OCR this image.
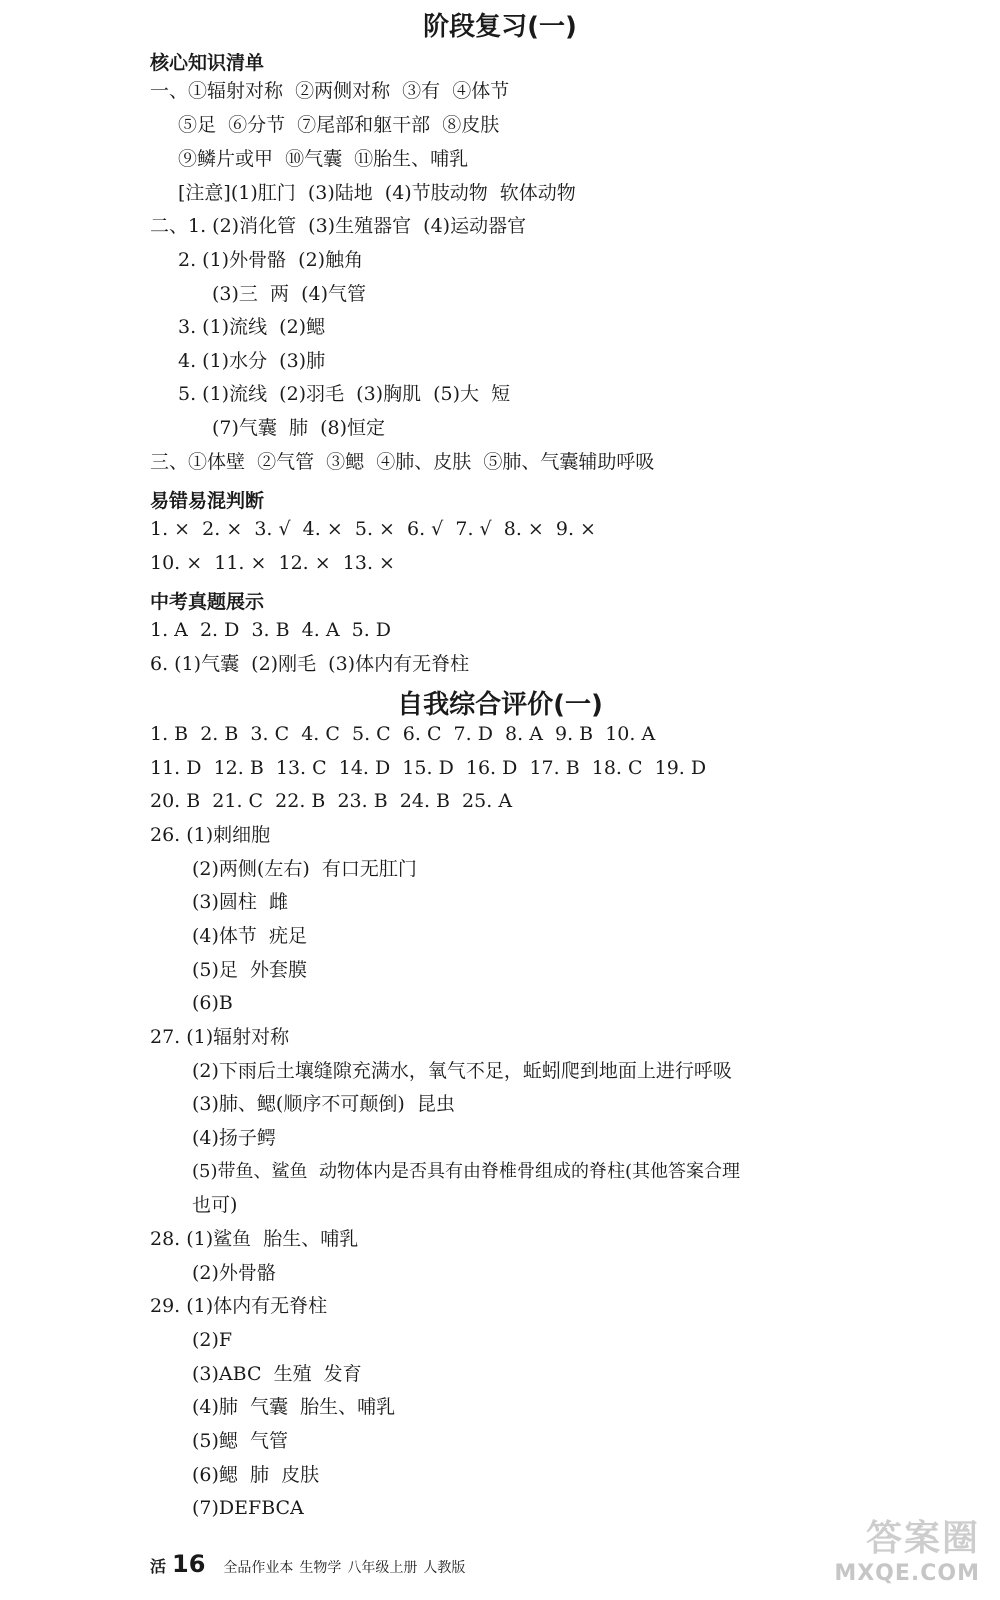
阶段复习(一)
核心知识清单

一、①辐射对称  ②两侧对称  ③有  ④体节

⑤足  ⑥分节  ⑦尾部和躯干部  ⑧皮肤

⑨鳞片或甲  ⑩气囊  ⑪胎生、哺乳

[注意](1)肛门  (3)陆地  (4)节肢动物  软体动物

二、1. (2)消化管  (3)生殖器官  (4)运动器官

2. (1)外骨骼  (2)触角

(3)三  两  (4)气管

3. (1)流线  (2)鳃

4. (1)水分  (3)肺

5. (1)流线  (2)羽毛  (3)胸肌  (5)大  短

(7)气囊  肺  (8)恒定

三、①体壁  ②气管  ③鳃  ④肺、皮肤  ⑤肺、气囊辅助呼吸

易错易混判断

1. ×  2. ×  3. √  4. ×  5. ×  6. √  7. √  8. ×  9. ×

10. ×  11. ×  12. ×  13. ×

中考真题展示

1. A  2. D  3. B  4. A  5. D

6. (1)气囊  (2)刚毛  (3)体内有无脊柱

自我综合评价(一)

1. B  2. B  3. C  4. C  5. C  6. C  7. D  8. A  9. B  10. A

11. D  12. B  13. C  14. D  15. D  16. D  17. B  18. C  19. D

20. B  21. C  22. B  23. B  24. B  25. A

26. (1)刺细胞

(2)两侧(左右)  有口无肛门

(3)圆柱  雌

(4)体节  疣足

(5)足  外套膜

(6)B

27. (1)辐射对称

(2)下雨后土壤缝隙充满水，氧气不足，蚯蚓爬到地面上进行呼吸

(3)肺、鳃(顺序不可颠倒)  昆虫

(4)扬子鳄

(5)带鱼、鲨鱼  动物体内是否具有由脊椎骨组成的脊柱(其他答案合理

也可)

28. (1)鲨鱼  胎生、哺乳

(2)外骨骼

29. (1)体内有无脊柱

(2)F

(3)ABC  生殖  发育

(4)肺  气囊  胎生、哺乳

(5)鳃  气管

(6)鳃  肺  皮肤

(7)DEFBCA

活 16 全品作业本 生物学 八年级上册 人教版
答案圈
MXQE.COM
